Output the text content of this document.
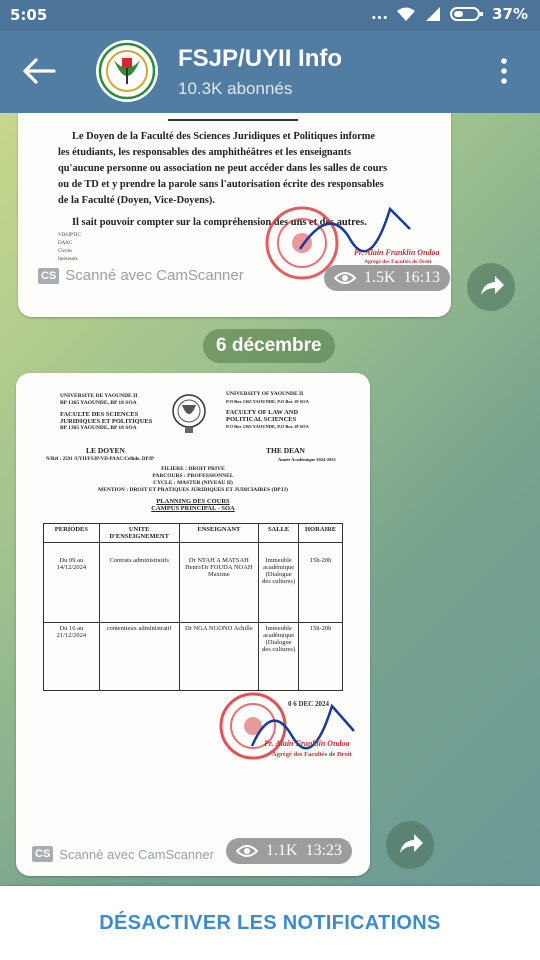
5:05	...	37%
FSJP/UYII Info
10.3K abonnés
Le Doyen de la Faculté des Sciences Juridiques et Politiques informe
les étudiants, les responsables des amphithéâtres et les enseignants
qu'aucune personne ou association ne peut accéder dans les salles de cours
ou de TD et y prendre la parole sans l'autorisation écrite des responsables
de la Faculté (Doyen, Vice-Doyens).
Il sait pouvoir compter sur la compréhension des uns et des autres.
VDSJPTIC
DAAC
Chvms
Intéressés
Pr. Alain Franklin Ondoa
Agrégé des Facultés de Droit
CS Scanné avec CamScanner	1.5K 16:13
6 décembre
UNIVERSITE DE YAOUNDE II
BP 1365 YAOUNDE, BP 18 SOA
FACULTE DES SCIENCES
JURIDIQUES ET POLITIQUES
BP 1365 YAOUNDE, BP 18 SOA
UNIVERSITY OF YAOUNDE II
P.O Box 1365 YAOUNDE, P.O Box 18 SOA
FACULTY OF LAW AND
POLITICAL SCIENCES
P.O Box 1365 YAOUNDE, P.O Box 18 SOA
LE DOYEN	THE DEAN
N/Réf : 2591 /UYII/FSJP/VD-PAAC/Cellule. DPJP	Année Académique 2024-2025
FILIERE : DROIT PRIVE
PARCOURS : PROFESSIONNEL
CYCLE : MASTER (NIVEAU II)
MENTION : DROIT ET PRATIQUES JURIDIQUES ET JUDICIAIRES (DPJJ)
PLANNING DES COURS
CAMPUS PRINCIPAL - SOA
PERIODES	UNITE D'ENSEIGNEMENT	ENSEIGNANT	SALLE	HORAIRE
Du 09 au 14/12/2024	Contrats administratifs	Dr NTAH A MATSAH Henri/Dr FOUDA NOAH Maxime	Immeuble académique (Dialogue des cultures)	15h-20h
Du 16 au 21/12/2024	contentieux administratif	Dr NGA NGONO Achille	Immeuble académique (Dialogue des cultures)	15h-20h
0 6 DEC 2024
Pr. Alain Franklin Ondoa
Agrégé des Facultés de Droit
CS Scanné avec CamScanner	1.1K 13:23
DÉSACTIVER LES NOTIFICATIONS
